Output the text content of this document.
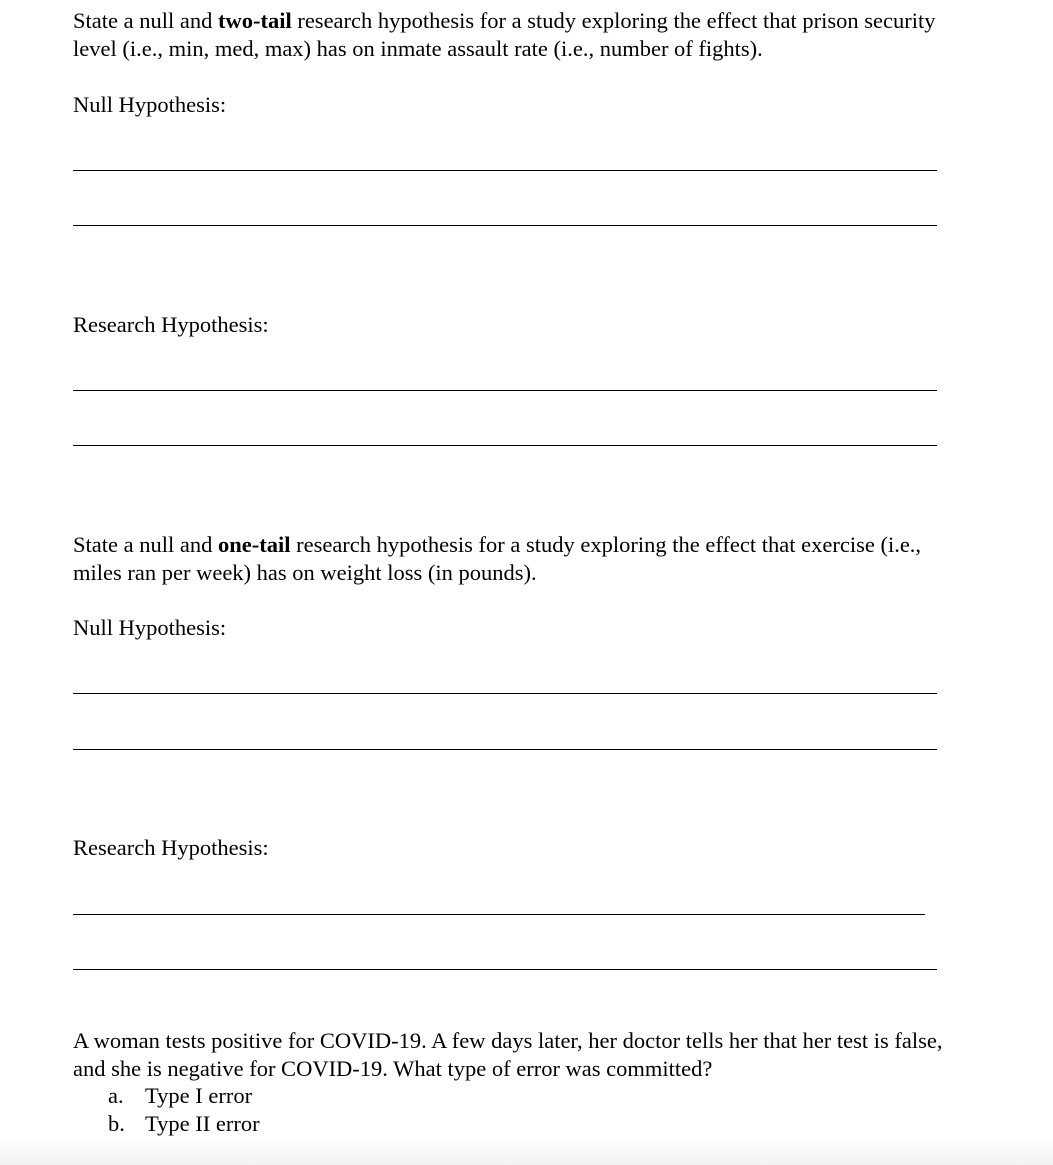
State a null and two-tail research hypothesis for a study exploring the effect that prison security
level (i.e., min, med, max) has on inmate assault rate (i.e., number of fights).
Null Hypothesis:
Research Hypothesis:
State a null and one-tail research hypothesis for a study exploring the effect that exercise (i.e.,
miles ran per week) has on weight loss (in pounds).
Null Hypothesis:
Research Hypothesis:
A woman tests positive for COVID-19. A few days later, her doctor tells her that her test is false,
and she is negative for COVID-19. What type of error was committed?
a. Type I error
b. Type II error
